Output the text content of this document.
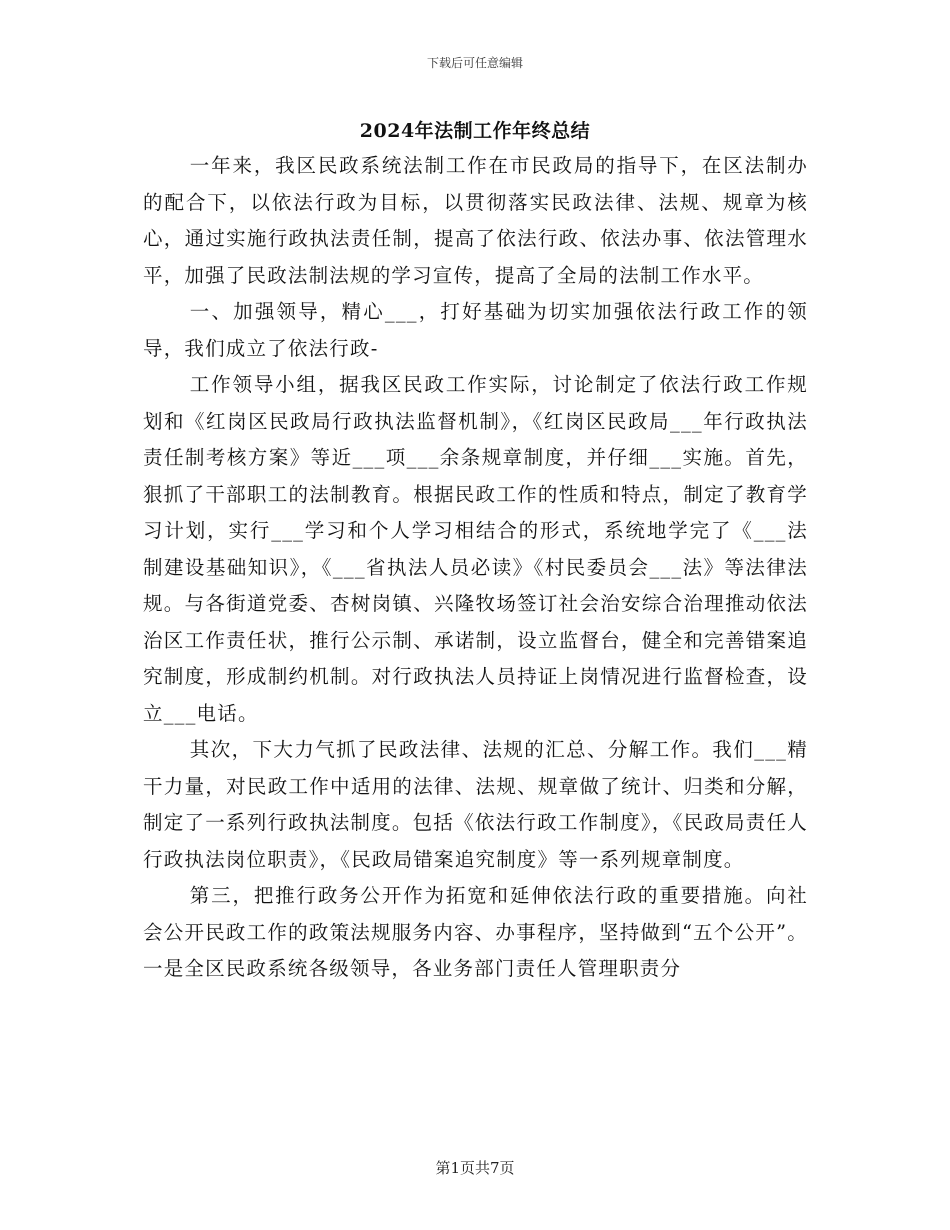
下载后可任意编辑
2024年法制工作年终总结

一年来，我区民政系统法制工作在市民政局的指导下，在区法制办的配合下，以依法行政为目标，以贯彻落实民政法律、法规、规章为核心，通过实施行政执法责任制，提高了依法行政、依法办事、依法管理水平，加强了民政法制法规的学习宣传，提高了全局的法制工作水平。

一、加强领导，精心___，打好基础为切实加强依法行政工作的领导，我们成立了依法行政-

工作领导小组，据我区民政工作实际，讨论制定了依法行政工作规划和《红岗区民政局行政执法监督机制》，《红岗区民政局___年行政执法责任制考核方案》等近___项___余条规章制度，并仔细___实施。首先，狠抓了干部职工的法制教育。根据民政工作的性质和特点，制定了教育学习计划，实行___学习和个人学习相结合的形式，系统地学完了《___法制建设基础知识》，《___省执法人员必读》《村民委员会___法》等法律法规。与各街道党委、杏树岗镇、兴隆牧场签订社会治安综合治理推动依法治区工作责任状，推行公示制、承诺制，设立监督台，健全和完善错案追究制度，形成制约机制。对行政执法人员持证上岗情况进行监督检查，设立___电话。

其次，下大力气抓了民政法律、法规的汇总、分解工作。我们___精干力量，对民政工作中适用的法律、法规、规章做了统计、归类和分解，制定了一系列行政执法制度。包括《依法行政工作制度》，《民政局责任人行政执法岗位职责》，《民政局错案追究制度》等一系列规章制度。

第三，把推行政务公开作为拓宽和延伸依法行政的重要措施。向社会公开民政工作的政策法规服务内容、办事程序，坚持做到“五个公开”。一是全区民政系统各级领导，各业务部门责任人管理职责分

第1页共7页
